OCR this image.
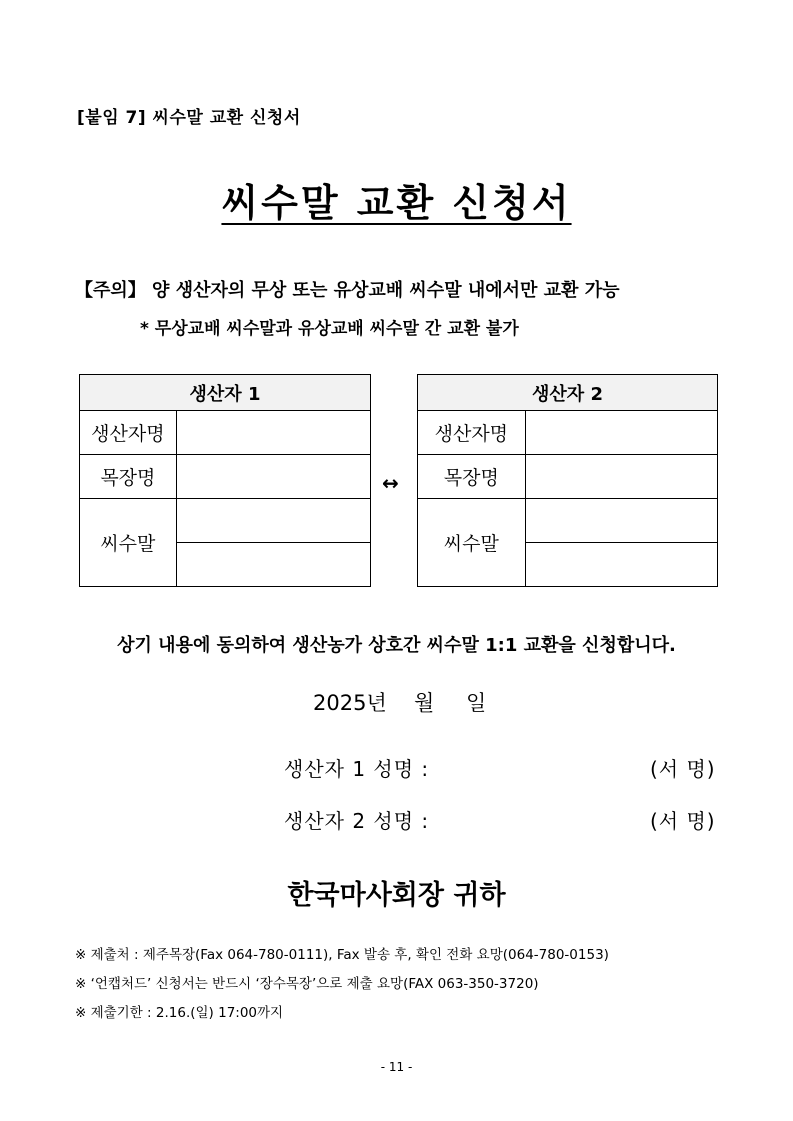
[붙임 7] 씨수말 교환 신청서
씨수말 교환 신청서
【주의】 양 생산자의 무상 또는 유상교배 씨수말 내에서만 교환 가능
* 무상교배 씨수말과 유상교배 씨수말 간 교환 불가
생산자 1	
생산자명	
목장명	
씨수말	

↔
생산자 2	
생산자명	
목장명	
씨수말	

상기 내용에 동의하여 생산농가 상호간 씨수말 1:1 교환을 신청합니다.
2025년 월 일
생산자 1 성명 :	(서 명)
생산자 2 성명 :	(서 명)
한국마사회장 귀하
※ 제출처 : 제주목장(Fax 064-780-0111), Fax 발송 후, 확인 전화 요망(064-780-0153)
※ ‘언캡처드’ 신청서는 반드시 ‘장수목장’으로 제출 요망(FAX 063-350-3720)
※ 제출기한 : 2.16.(일) 17:00까지
- 11 -
